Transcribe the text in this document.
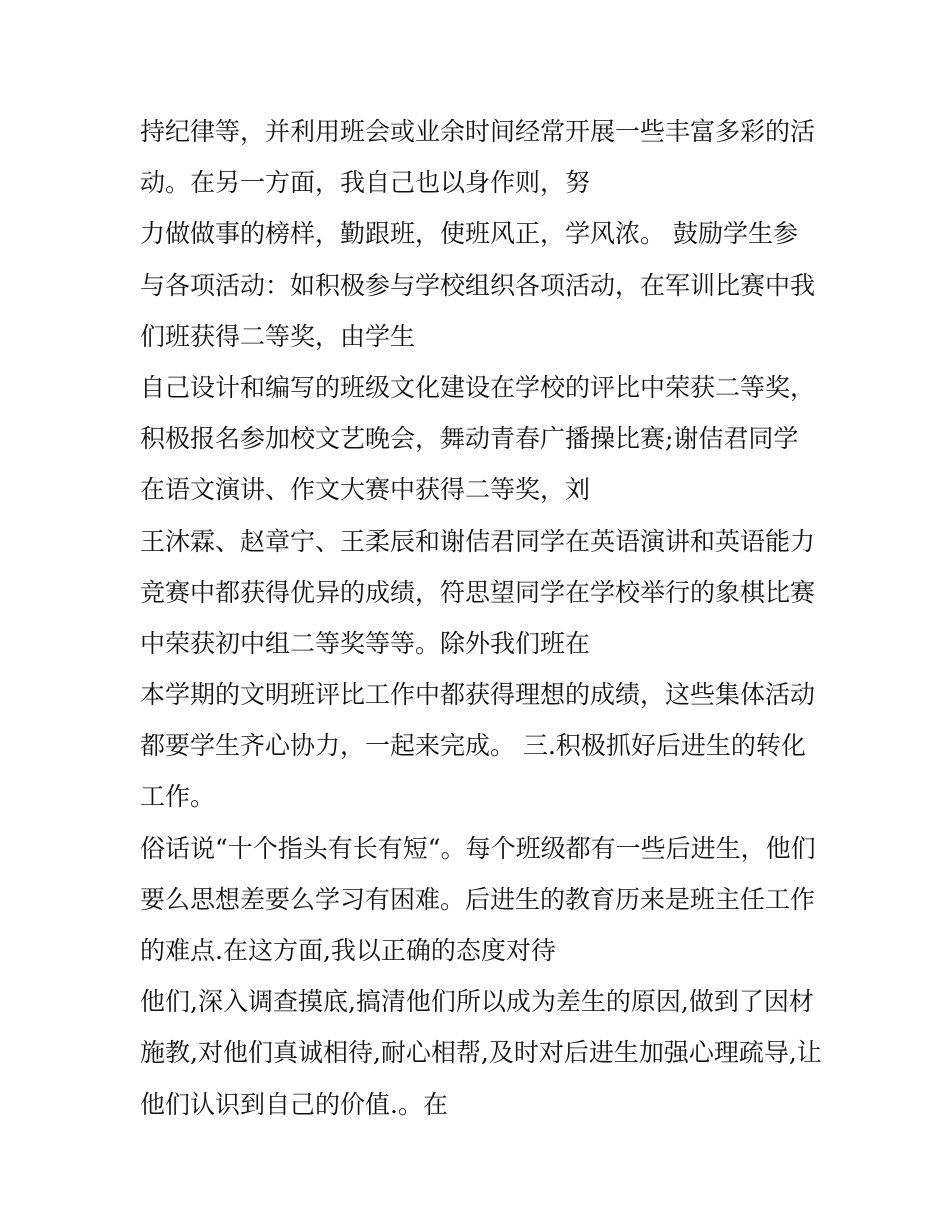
持纪律等，并利用班会或业余时间经常开展一些丰富多彩的活
动。在另一方面，我自己也以身作则，努
力做做事的榜样，勤跟班，使班风正，学风浓。 鼓励学生参
与各项活动：如积极参与学校组织各项活动，在军训比赛中我
们班获得二等奖，由学生
自己设计和编写的班级文化建设在学校的评比中荣获二等奖，
积极报名参加校文艺晚会，舞动青春广播操比赛;谢佶君同学
在语文演讲、作文大赛中获得二等奖，刘
王沐霖、赵章宁、王柔辰和谢佶君同学在英语演讲和英语能力
竞赛中都获得优异的成绩，符思望同学在学校举行的象棋比赛
中荣获初中组二等奖等等。除外我们班在
本学期的文明班评比工作中都获得理想的成绩，这些集体活动
都要学生齐心协力，一起来完成。 三.积极抓好后进生的转化
工作。
俗话说“十个指头有长有短“。每个班级都有一些后进生，他们
要么思想差要么学习有困难。后进生的教育历来是班主任工作
的难点.在这方面,我以正确的态度对待
他们,深入调查摸底,搞清他们所以成为差生的原因,做到了因材
施教,对他们真诚相待,耐心相帮,及时对后进生加强心理疏导,让
他们认识到自己的价值.。在
